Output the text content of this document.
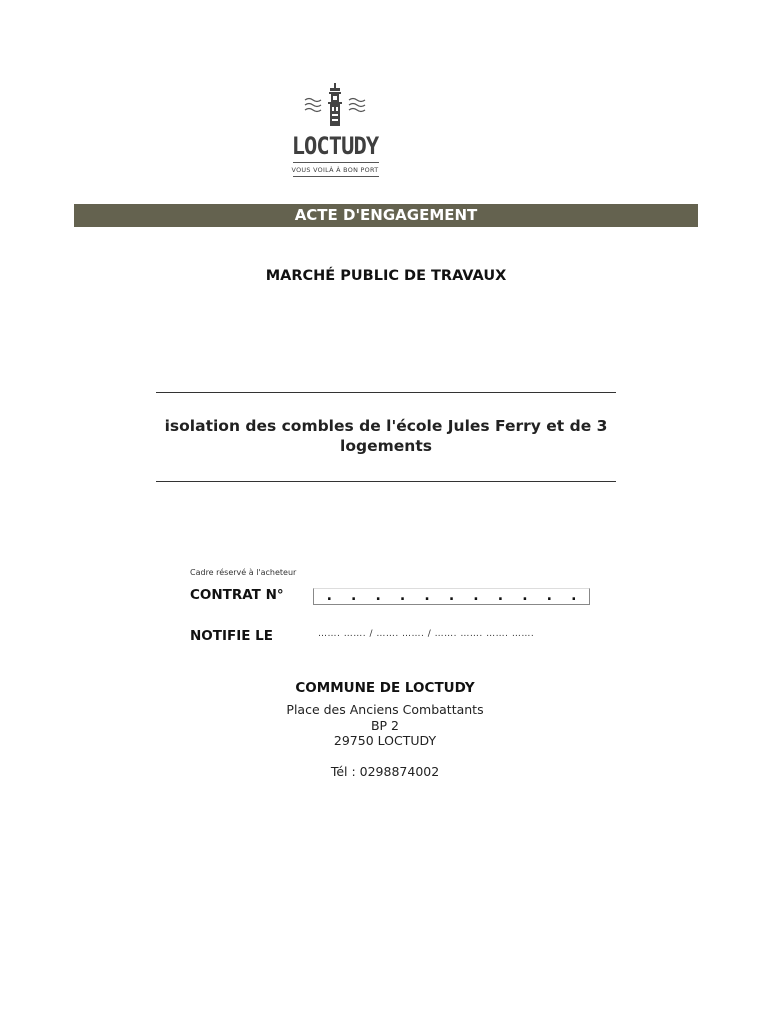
LOCTUDY
VOUS VOILÀ À BON PORT
ACTE D'ENGAGEMENT
MARCHÉ PUBLIC DE TRAVAUX
isolation des combles de l'école Jules Ferry et de 3 logements
Cadre réservé à l'acheteur
CONTRAT N°	. . . . . . . . . . .
NOTIFIE LE	……. ……. / ……. ……. / ……. ……. ……. …….
COMMUNE DE LOCTUDY
Place des Anciens Combattants
BP 2
29750 LOCTUDY
Tél : 0298874002
